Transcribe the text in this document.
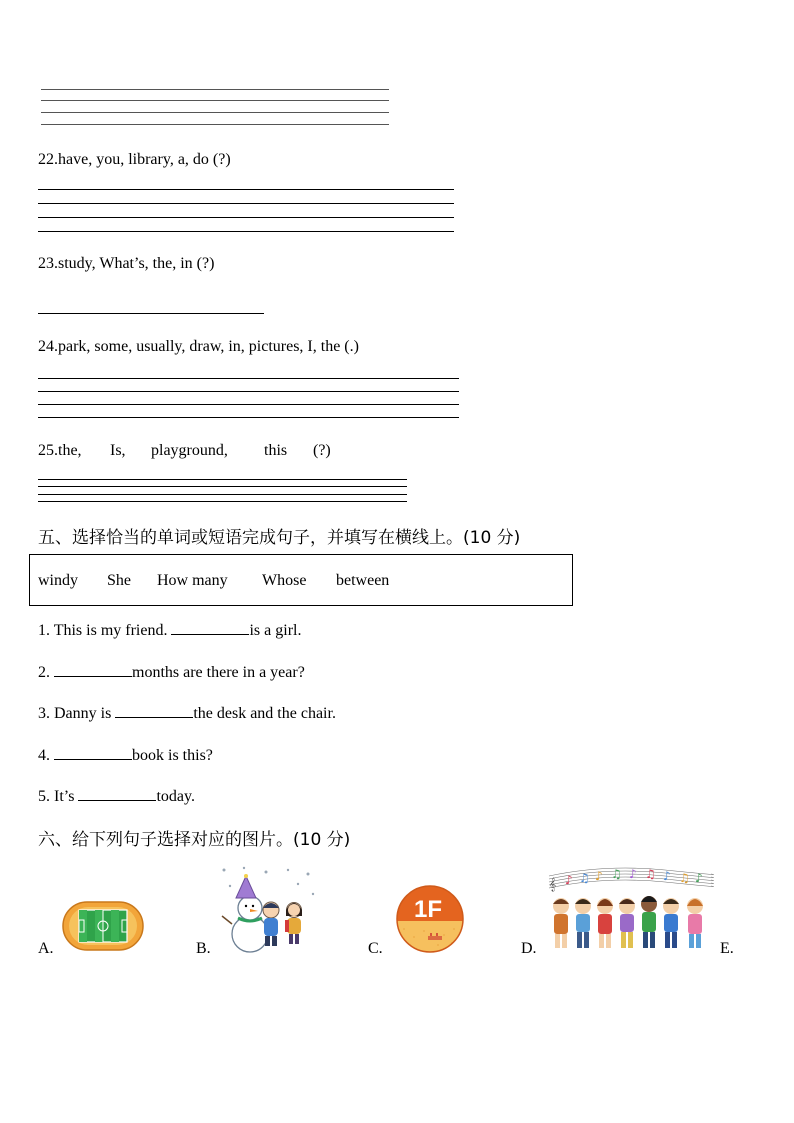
22.have, you, library, a, do (?)
23.study, What’s, the, in (?)
24.park, some, usually, draw, in, pictures, I, the (.)
25.the, Is, playground, this (?)
五、选择恰当的单词或短语完成句子，并填写在横线上。(10 分)
windy She How many Whose between
1. This is my friend.	is a girl.
2.	months are there in a year?
3. Danny is	the desk and the chair.
4.	book is this?
5. It’s	today.
六、给下列句子选择对应的图片。(10 分)
A.	B.	C.	D.	E.
1F
𝄞 ♪ ♫ ♪ ♫ ♪ ♫ ♪ ♫ ♪
